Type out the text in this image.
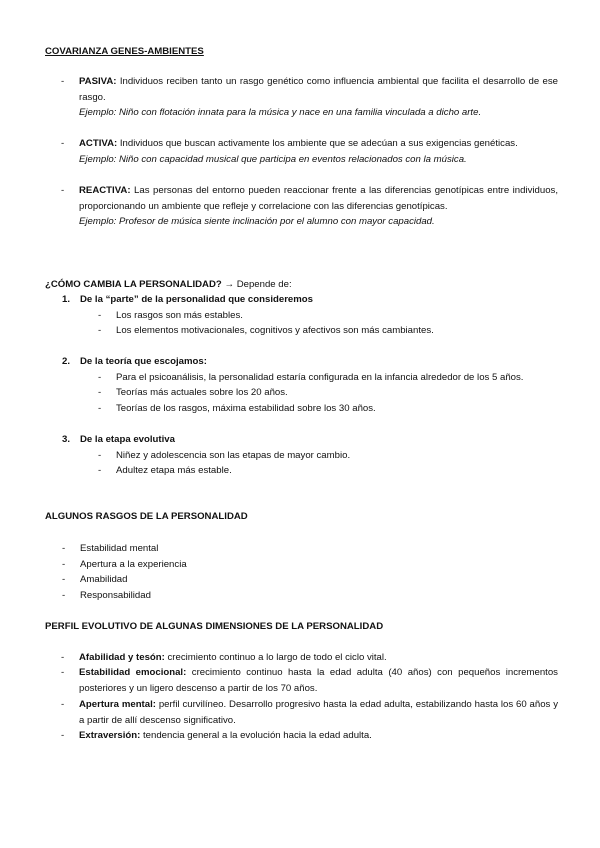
COVARIANZA GENES-AMBIENTES
- PASIVA: Individuos reciben tanto un rasgo genético como influencia ambiental que facilita el desarrollo de ese rasgo.
Ejemplo: Niño con flotación innata para la música y nace en una familia vinculada a dicho arte.
- ACTIVA: Individuos que buscan activamente los ambiente que se adecúan a sus exigencias genéticas.
Ejemplo: Niño con capacidad musical que participa en eventos relacionados con la música.
- REACTIVA: Las personas del entorno pueden reaccionar frente a las diferencias genotípicas entre individuos, proporcionando un ambiente que refleje y correlacione con las diferencias genotípicas.
Ejemplo: Profesor de música siente inclinación por el alumno con mayor capacidad.
¿CÓMO CAMBIA LA PERSONALIDAD? → Depende de:
1. De la “parte” de la personalidad que consideremos
- Los rasgos son más estables.
- Los elementos motivacionales, cognitivos y afectivos son más cambiantes.
2. De la teoría que escojamos:
- Para el psicoanálisis, la personalidad estaría configurada en la infancia alrededor de los 5 años.
- Teorías más actuales sobre los 20 años.
- Teorías de los rasgos, máxima estabilidad sobre los 30 años.
3. De la etapa evolutiva
- Niñez y adolescencia son las etapas de mayor cambio.
- Adultez etapa más estable.
ALGUNOS RASGOS DE LA PERSONALIDAD
- Estabilidad mental
- Apertura a la experiencia
- Amabilidad
- Responsabilidad
PERFIL EVOLUTIVO DE ALGUNAS DIMENSIONES DE LA PERSONALIDAD
- Afabilidad y tesón: crecimiento continuo a lo largo de todo el ciclo vital.
- Estabilidad emocional: crecimiento continuo hasta la edad adulta (40 años) con pequeños incrementos posteriores y un ligero descenso a partir de los 70 años.
- Apertura mental: perfil curvilíneo. Desarrollo progresivo hasta la edad adulta, estabilizando hasta los 60 años y a partir de allí descenso significativo.
- Extraversión: tendencia general a la evolución hacia la edad adulta.
